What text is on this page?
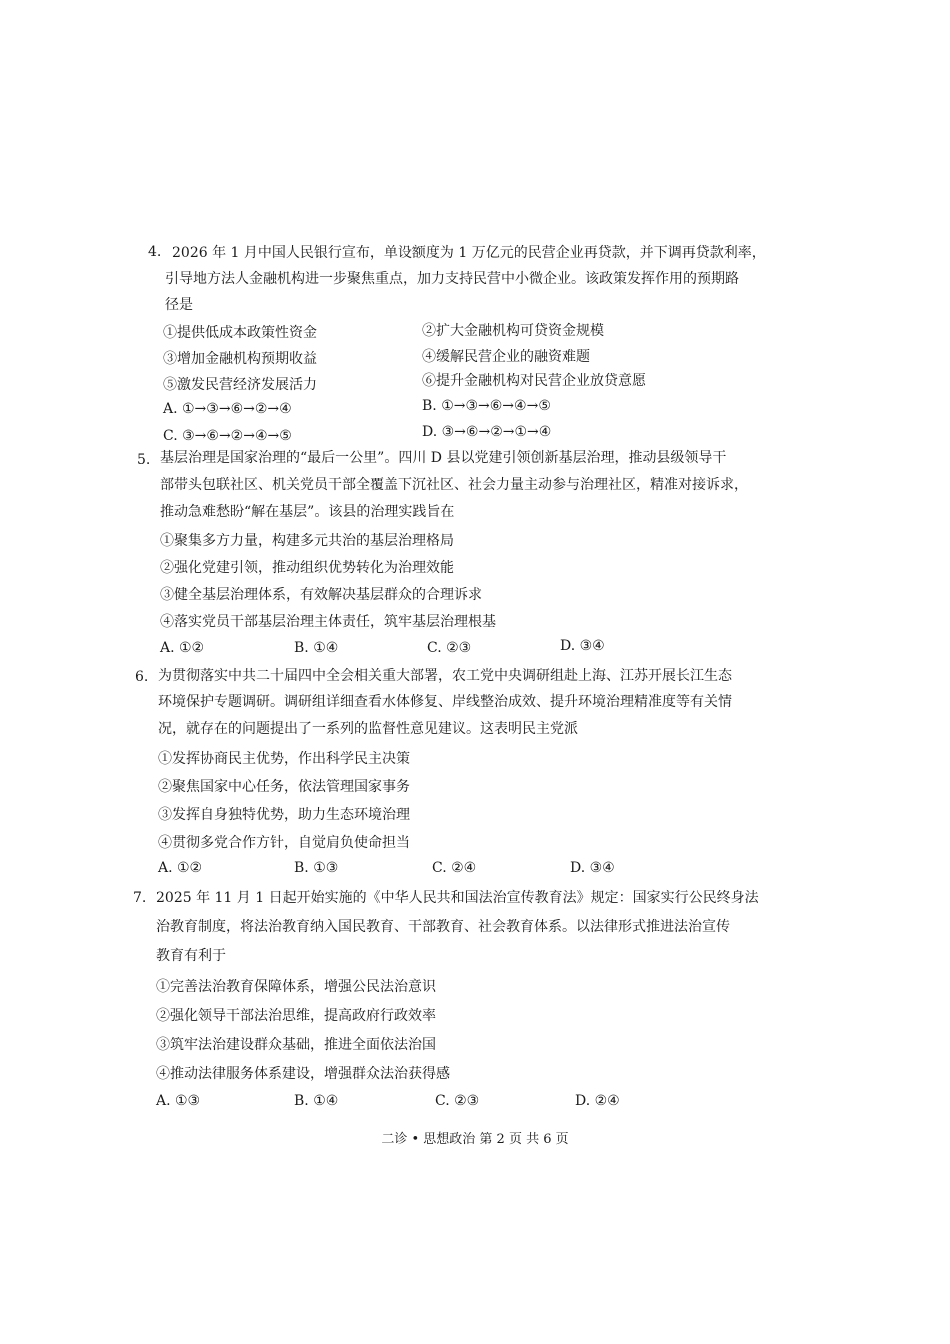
4. 2026 年 1 月中国人民银行宣布，单设额度为 1 万亿元的民营企业再贷款，并下调再贷款利率，
引导地方法人金融机构进一步聚焦重点，加力支持民营中小微企业。该政策发挥作用的预期路
径是
①提供低成本政策性资金	②扩大金融机构可贷资金规模
③增加金融机构预期收益	④缓解民营企业的融资难题
⑤激发民营经济发展活力	⑥提升金融机构对民营企业放贷意愿
A. ①→③→⑥→②→④	B. ①→③→⑥→④→⑤
C. ③→⑥→②→④→⑤	D. ③→⑥→②→①→④
5. 基层治理是国家治理的“最后一公里”。四川 D 县以党建引领创新基层治理，推动县级领导干
部带头包联社区、机关党员干部全覆盖下沉社区、社会力量主动参与治理社区，精准对接诉求，
推动急难愁盼“解在基层”。该县的治理实践旨在
①聚集多方力量，构建多元共治的基层治理格局
②强化党建引领，推动组织优势转化为治理效能
③健全基层治理体系，有效解决基层群众的合理诉求
④落实党员干部基层治理主体责任，筑牢基层治理根基
A. ①②	B. ①④	C. ②③	D. ③④
6. 为贯彻落实中共二十届四中全会相关重大部署，农工党中央调研组赴上海、江苏开展长江生态
环境保护专题调研。调研组详细查看水体修复、岸线整治成效、提升环境治理精准度等有关情
况，就存在的问题提出了一系列的监督性意见建议。这表明民主党派
①发挥协商民主优势，作出科学民主决策
②聚焦国家中心任务，依法管理国家事务
③发挥自身独特优势，助力生态环境治理
④贯彻多党合作方针，自觉肩负使命担当
A. ①②	B. ①③	C. ②④	D. ③④
7. 2025 年 11 月 1 日起开始实施的《中华人民共和国法治宣传教育法》规定：国家实行公民终身法
治教育制度，将法治教育纳入国民教育、干部教育、社会教育体系。以法律形式推进法治宣传
教育有利于
①完善法治教育保障体系，增强公民法治意识
②强化领导干部法治思维，提高政府行政效率
③筑牢法治建设群众基础，推进全面依法治国
④推动法律服务体系建设，增强群众法治获得感
A. ①③	B. ①④	C. ②③	D. ②④
二诊 • 思想政治 第 2 页 共 6 页
